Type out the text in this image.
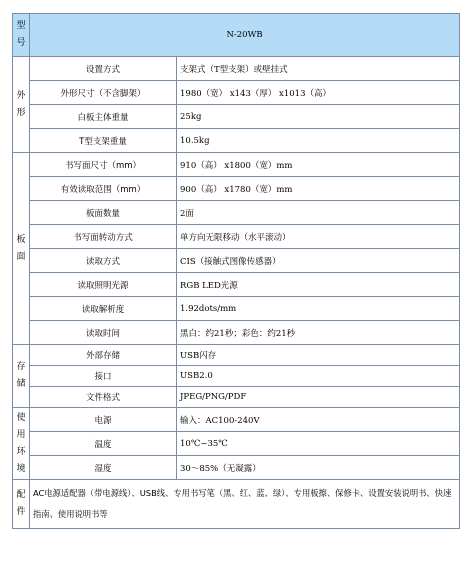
型号	N-20WB	
外形	设置方式	支架式（T型支架）或壁挂式
	外形尺寸（不含脚架）	1980（宽） x143（厚） x1013（高）
	白板主体重量	25kg
	T型支架重量	10.5kg
板面	书写面尺寸（mm）	910（高） x1800（宽）mm
	有效读取范围（mm）	900（高） x1780（宽）mm
	板面数量	2面
	书写面转动方式	单方向无限移动（水平滚动）
	读取方式	CIS（接触式图像传感器）
	读取照明光源	RGB LED光源
	读取解析度	1.92dots/mm
	读取时间	黑白：约21秒；彩色：约21秒
存储	外部存储	USB闪存
	接口	USB2.0
	文件格式	JPEG/PNG/PDF
使用环境	电源	输入：AC100-240V
	温度	10℃~35℃
	湿度	30～85%（无凝露）
配件	AC电源适配器（带电源线）、USB线、专用书写笔（黑、红、蓝、绿）、专用板擦、保修卡、设置安装说明书、快速指南、使用说明书等	
